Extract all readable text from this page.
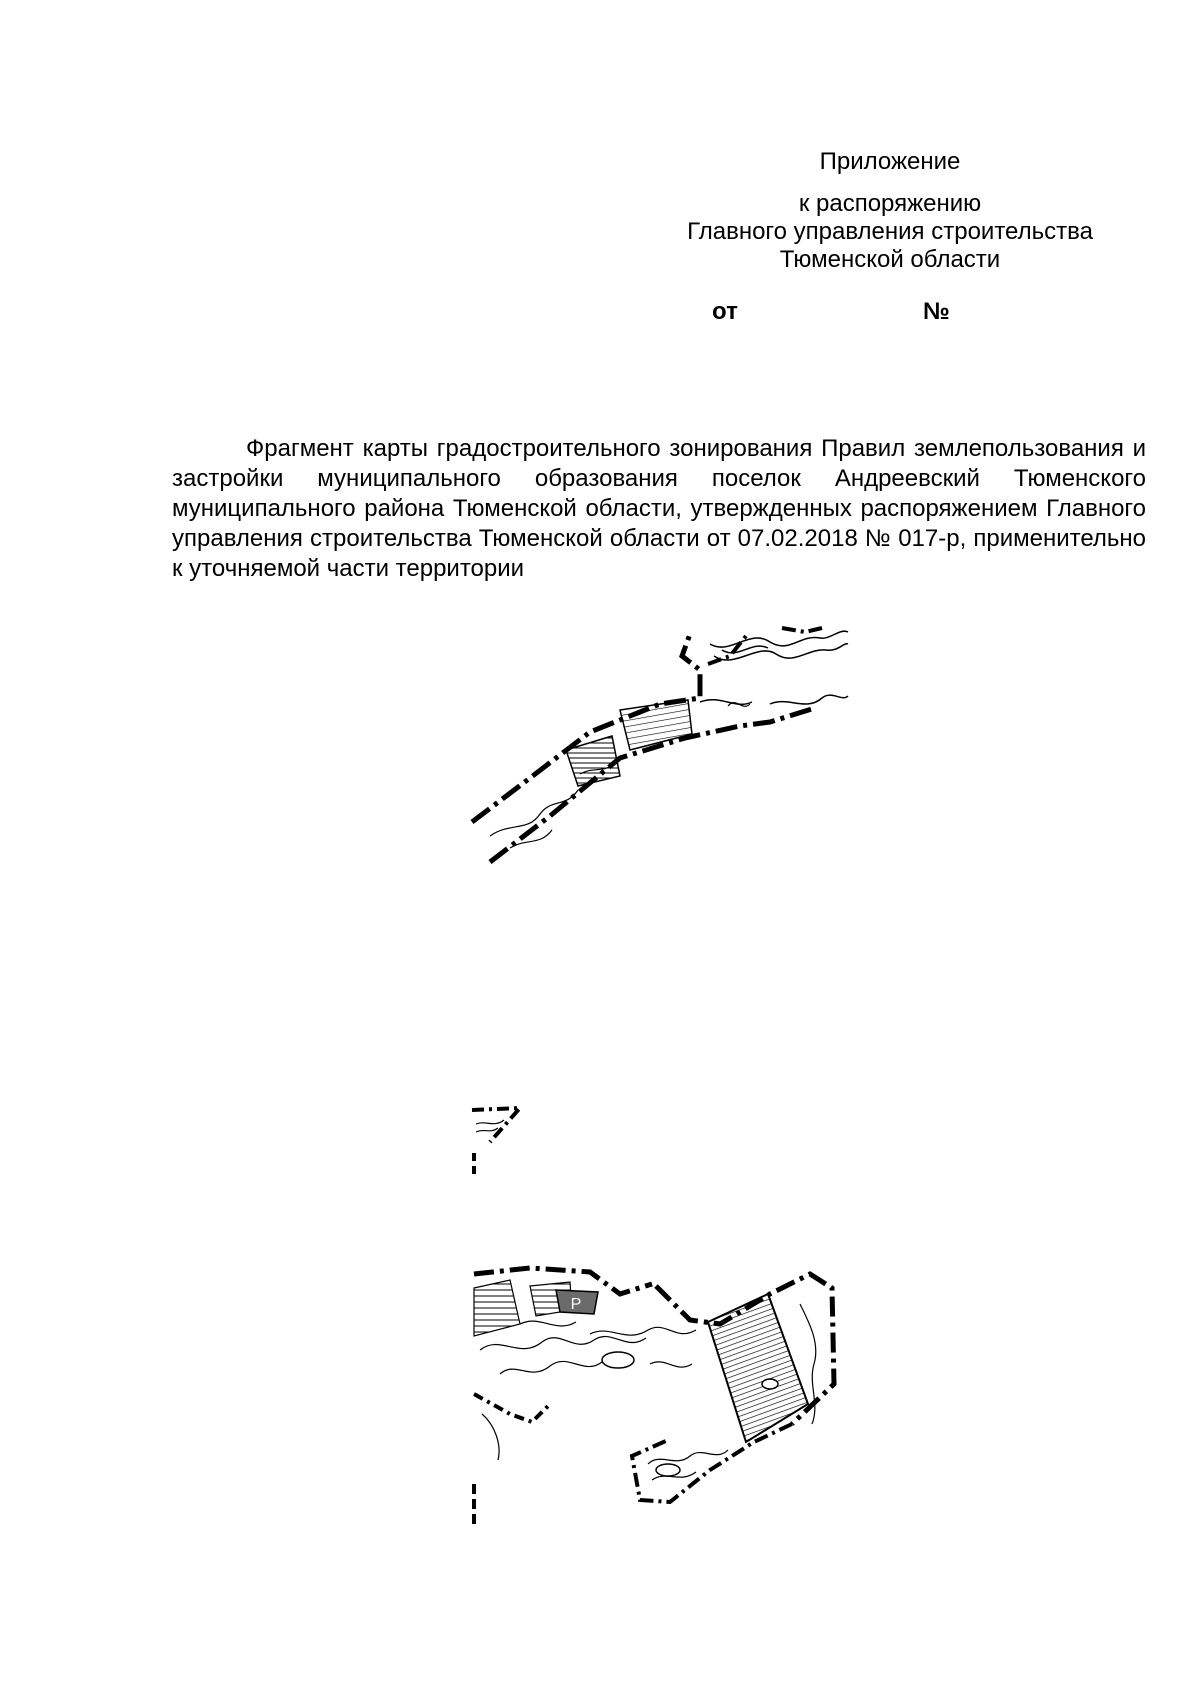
Приложение
к распоряжению
Главного управления строительства
Тюменской области
от	№
Фрагмент карты градостроительного зонирования Правил землепользования и застройки муниципального образования поселок Андреевский Тюменского муниципального района Тюменской области, утвержденных распоряжением Главного управления строительства Тюменской области от 07.02.2018 № 017-р, применительно к уточняемой части территории
Р
